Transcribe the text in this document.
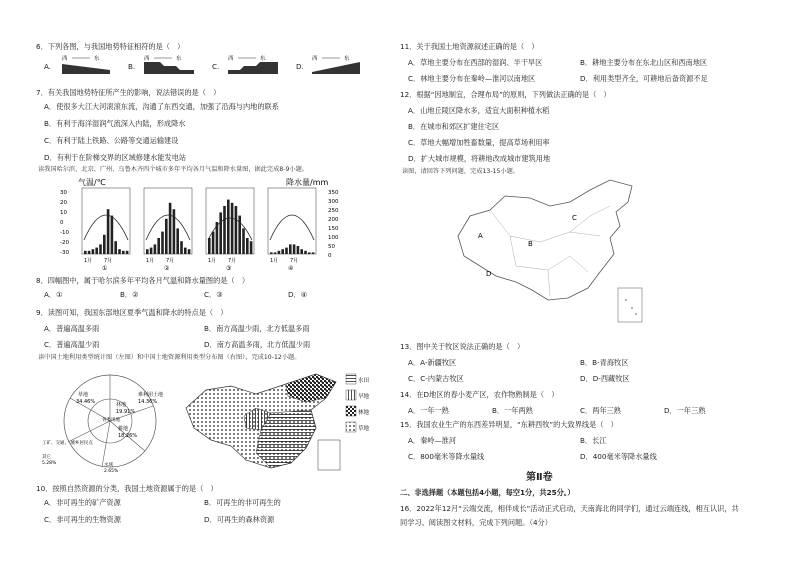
6．下列各图，与我国地势特征相符的是（　）
A.
西	东
B.
西	东
C.
西	东
D.
西	东
7．有关我国地势特征所产生的影响，说法错误的是（　）
A．使很多大江大河滚滚东流，沟通了东西交通，加强了沿海与内地的联系
B．有利于海洋湿润气流深入内陆，形成降水
C．有利于陆上铁路、公路等交通运输建设
D．有利于在阶梯交界的区域修建水能发电站
读我国哈尔滨、北京、广州、乌鲁木齐四个城市多年平均各月气温和降水量图，据此完成8-9小题。
气温/℃	降水量/mm
30
20
10
0
-10
-20
-30
350
300
250
200
150
100
50
0
1月 7月
①
1月 7月
②
1月 7月
③
1月 7月
④
8．四幅图中，属于哈尔滨多年平均各月气温和降水量图的是（　）
A．①	B．②	C．③	D．④
9．读图可知，我国东部地区夏季气温和降水的特点是（　）
A．普遍高温多雨	B．南方高温少雨，北方低温多雨
C．普遍高温少雨	D．南方高温多雨，北方低温少雨
读中国土地利用类型统计图（左图）和中国土地资源利用类型分布图（右图），完成10-12小题。
草地
34.46%	林地
19.91%
耕地
18.26%
各类用地
难利用土地
14.36%
工矿、交通、 城乡居民点
其它
5.28%	水域
2.65%
水田
旱地
林地
草地
10．按照自然资源的分类，我国土地资源属于的是（　）
A．非可再生的矿产资源	B．可再生的非可再生的
C．非可再生的生物资源	D．可再生的森林资源
11．关于我国土地资源叙述正确的是（　）
A．草地主要分布在西部的湿润、半干旱区	B．耕地主要分布在东北山区和西南地区
C．林地主要分布在秦岭—淮河以南地区	D．利用类型齐全，可耕地后备资源不足
12．根据“因地制宜，合理布局”的原则，下列做法正确的是（　）
A．山地丘陵区降水多，适宜大面积种植水稻
B．在城市和郊区扩建住宅区
C．草地大幅增加牲畜数量，提高草场利用率
D．扩大城市规模，将耕地改成城市建筑用地
读图，请回答下列问题，完成13-15小题。
A
B
C
D
13．图中关于牧区说法正确的是（　）
A．A-新疆牧区	B．B-青海牧区
C．C-内蒙古牧区	D．D-西藏牧区
14．在D地区的春小麦产区，农作物熟制是（　）
A．一年一熟	B．一年两熟	C．两年三熟	D．一年三熟
15．我国农业生产的东西差异明显，“东耕西牧”的大致界线是（　）
A．秦岭—淮河	B．长江
C．800毫米等降水量线	D．400毫米等降水量线
第Ⅱ卷
二、非选择题（本题包括4小题，每空1分，共25分。）
16．2022年12月“云端交流，相伴成长”活动正式启动，天南海北的同学们，通过云端连线，相互认识，共
同学习。阅读图文材料，完成下列问题。（4分）
